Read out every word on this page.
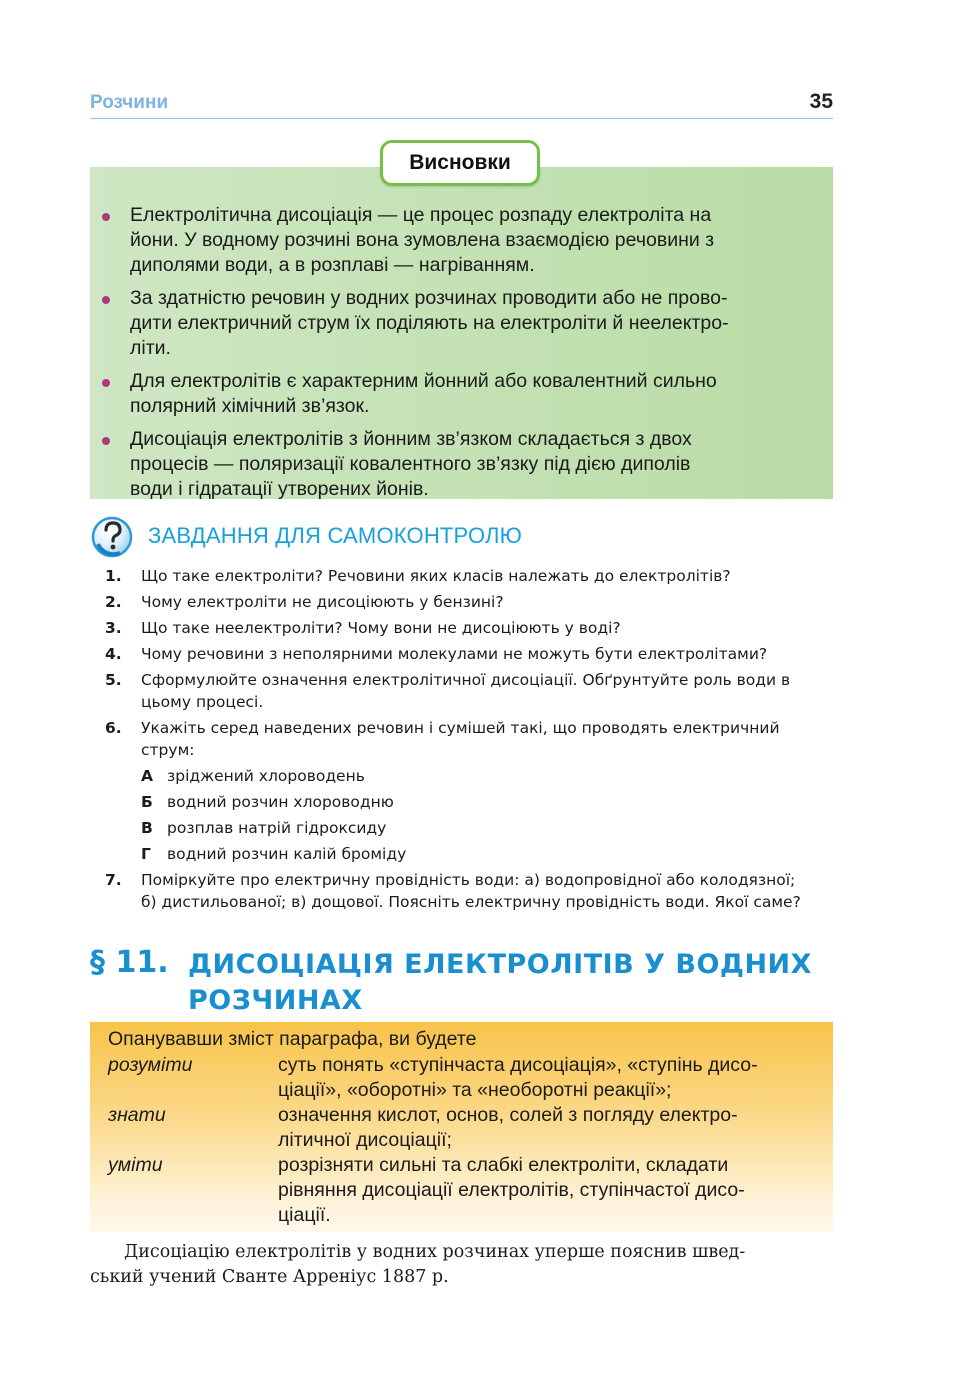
Розчини	35
Електролітична дисоціація — це процес розпаду електроліта на
йони. У водному розчині вона зумовлена взаємодією речовини з
диполями води, а в розплаві — нагріванням.
За здатністю речовин у водних розчинах проводити або не прово-
дити електричний струм їх поділяють на електроліти й неелектро-
літи.
Для електролітів є характерним йонний або ковалентний сильно
полярний хімічний зв’язок.
Дисоціація електролітів з йонним зв’язком складається з двох
процесів — поляризації ковалентного зв’язку під дією диполів
води і гідратації утворених йонів.
Висновки
ЗАВДАННЯ ДЛЯ САМОКОНТРОЛЮ
1. Що таке електроліти? Речовини яких класів належать до електролітів?
2. Чому електроліти не дисоціюють у бензині?
3. Що таке неелектроліти? Чому вони не дисоціюють у воді?
4. Чому речовини з неполярними молекулами не можуть бути електролітами?
5. Сформулюйте означення електролітичної дисоціації. Обґрунтуйте роль води в
цьому процесі.
6. Укажіть серед наведених речовин і сумішей такі, що проводять електричний
струм:
А зріджений хлороводень
Б водний розчин хлороводню
В розплав натрій гідроксиду
Г водний розчин калій броміду
7. Поміркуйте про електричну провідність води: а) водопровідної або колодязної;
б) дистильованої; в) дощової. Поясніть електричну провідність води. Якої саме?
§ 11. ДИСОЦІАЦІЯ ЕЛЕКТРОЛІТІВ У ВОДНИХ
РОЗЧИНАХ
Опанувавши зміст параграфа, ви будете
розуміти	суть понять «ступінчаста дисоціація», «ступінь дисо-
ціації», «оборотні» та «необоротні реакції»;
знати	означення кислот, основ, солей з погляду електро-
літичної дисоціації;
уміти	розрізняти сильні та слабкі електроліти, складати
рівняння дисоціації електролітів, ступінчастої дисо-
ціації.
Дисоціацію електролітів у водних розчинах уперше пояснив швед-
ський учений Сванте Арреніус 1887 р.
